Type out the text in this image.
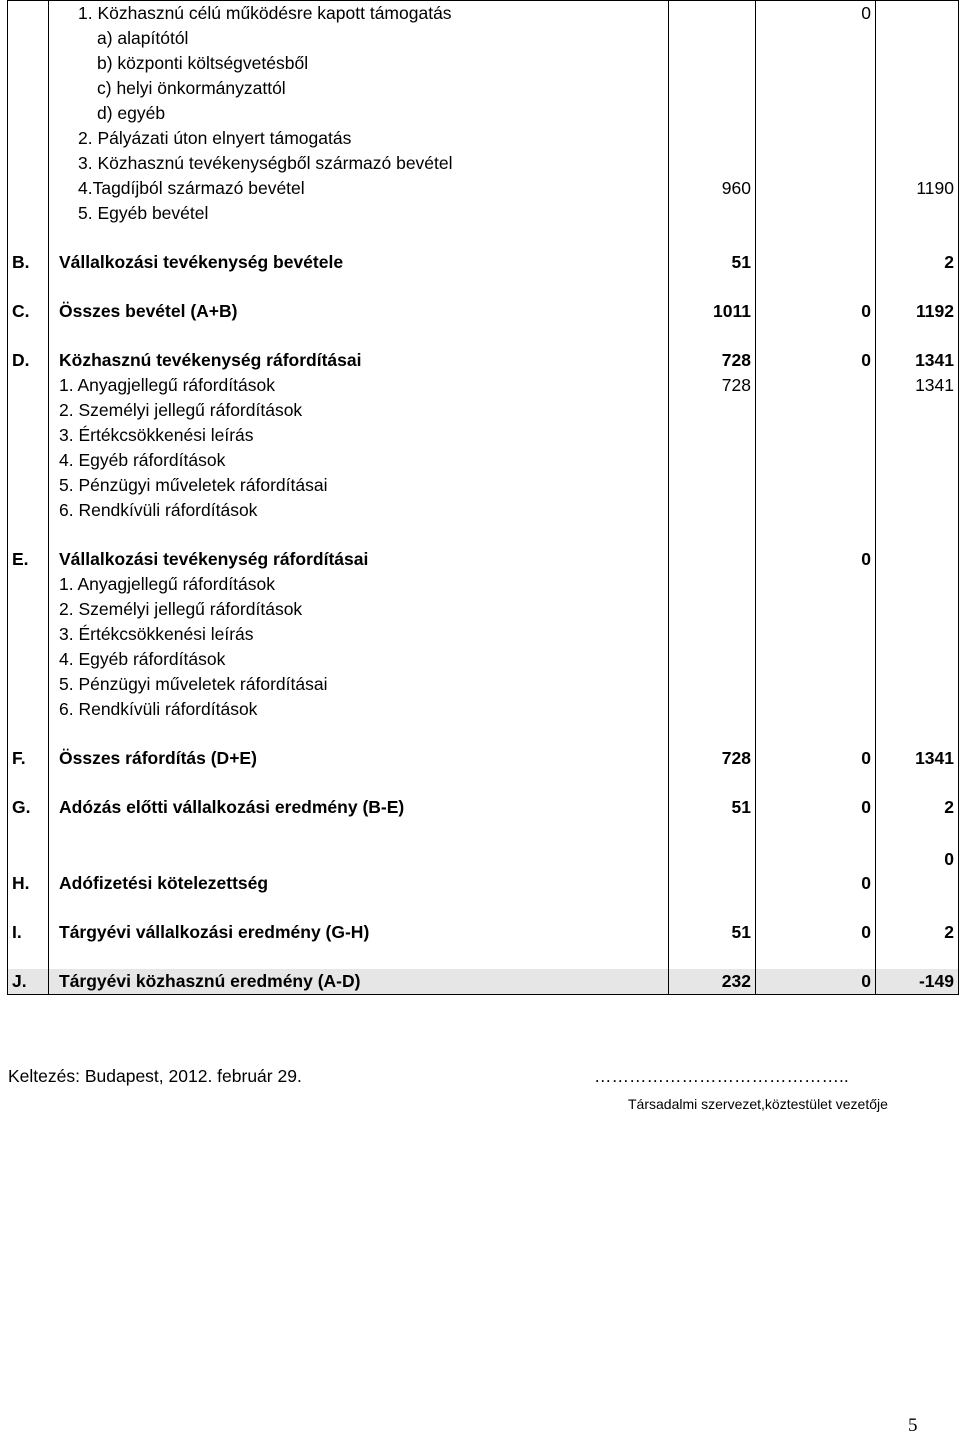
	1. Közhasznú célú működésre kapott támogatás		0	
	a) alapítótól			
	b) központi költségvetésből			
	c) helyi önkormányzattól			
	d) egyéb			
	2. Pályázati úton elnyert támogatás			
	3. Közhasznú tevékenységből származó bevétel			
	4.Tagdíjból származó bevétel	960		1190
	5. Egyéb bevétel			

B.	Vállalkozási tevékenység bevétele	51		2

C.	Összes bevétel (A+B)	1011	0	1192

D.	Közhasznú tevékenység ráfordításai	728	0	1341
	1. Anyagjellegű ráfordítások	728		1341
	2. Személyi jellegű ráfordítások			
	3. Értékcsökkenési leírás			
	4. Egyéb ráfordítások			
	5. Pénzügyi műveletek ráfordításai			
	6. Rendkívüli ráfordítások			

E.	Vállalkozási tevékenység ráfordításai		0	
	1. Anyagjellegű ráfordítások			
	2. Személyi jellegű ráfordítások			
	3. Értékcsökkenési leírás			
	4. Egyéb ráfordítások			
	5. Pénzügyi műveletek ráfordításai			
	6. Rendkívüli ráfordítások			

F.	Összes ráfordítás (D+E)	728	0	1341

G.	Adózás előtti vállalkozási eredmény (B-E)	51	0	2

H.	Adófizetési kötelezettség		0	0

I.	Tárgyévi vállalkozási eredmény (G-H)	51	0	2

J.	Tárgyévi közhasznú eredmény (A-D)	232	0	-149
Keltezés: Budapest, 2012. február 29.	……………………………………..
Társadalmi szervezet,köztestület vezetője
5
